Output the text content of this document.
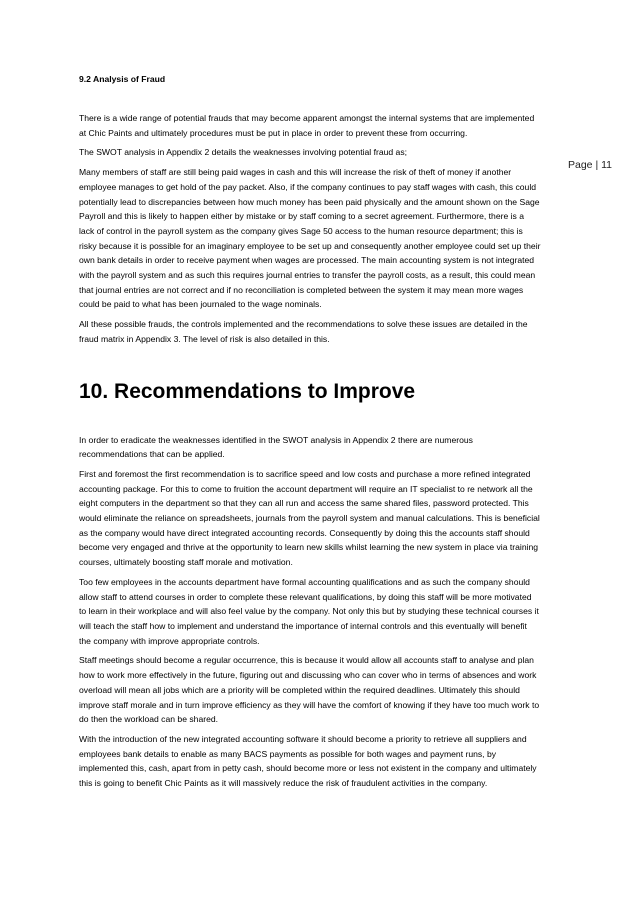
Page | 11
9.2 Analysis of Fraud

There is a wide range of potential frauds that may become apparent amongst the internal systems that are implemented at Chic Paints and ultimately procedures must be put in place in order to prevent these from occurring.

The SWOT analysis in Appendix 2 details the weaknesses involving potential fraud as;

Many members of staff are still being paid wages in cash and this will increase the risk of theft of money if another employee manages to get hold of the pay packet. Also, if the company continues to pay staff wages with cash, this could potentially lead to discrepancies between how much money has been paid physically and the amount shown on the Sage Payroll and this is likely to happen either by mistake or by staff coming to a secret agreement. Furthermore, there is a lack of control in the payroll system as the company gives Sage 50 access to the human resource department; this is risky because it is possible for an imaginary employee to be set up and consequently another employee could set up their own bank details in order to receive payment when wages are processed. The main accounting system is not integrated with the payroll system and as such this requires journal entries to transfer the payroll costs, as a result, this could mean that journal entries are not correct and if no reconciliation is completed between the system it may mean more wages could be paid to what has been journaled to the wage nominals.

All these possible frauds, the controls implemented and the recommendations to solve these issues are detailed in the fraud matrix in Appendix 3. The level of risk is also detailed in this.

10. Recommendations to Improve

In order to eradicate the weaknesses identified in the SWOT analysis in Appendix 2 there are numerous recommendations that can be applied.

First and foremost the first recommendation is to sacrifice speed and low costs and purchase a more refined integrated accounting package. For this to come to fruition the account department will require an IT specialist to re network all the eight computers in the department so that they can all run and access the same shared files, password protected. This would eliminate the reliance on spreadsheets, journals from the payroll system and manual calculations. This is beneficial as the company would have direct integrated accounting records. Consequently by doing this the accounts staff should become very engaged and thrive at the opportunity to learn new skills whilst learning the new system in place via training courses, ultimately boosting staff morale and motivation.

Too few employees in the accounts department have formal accounting qualifications and as such the company should allow staff to attend courses in order to complete these relevant qualifications, by doing this staff will be more motivated to learn in their workplace and will also feel value by the company. Not only this but by studying these technical courses it will teach the staff how to implement and understand the importance of internal controls and this eventually will benefit the company with improve appropriate controls.

Staff meetings should become a regular occurrence, this is because it would allow all accounts staff to analyse and plan how to work more effectively in the future, figuring out and discussing who can cover who in terms of absences and work overload will mean all jobs which are a priority will be completed within the required deadlines. Ultimately this should improve staff morale and in turn improve efficiency as they will have the comfort of knowing if they have too much work to do then the workload can be shared.

With the introduction of the new integrated accounting software it should become a priority to retrieve all suppliers and employees bank details to enable as many BACS payments as possible for both wages and payment runs, by implemented this, cash, apart from in petty cash, should become more or less not existent in the company and ultimately this is going to benefit Chic Paints as it will massively reduce the risk of fraudulent activities in the company.
